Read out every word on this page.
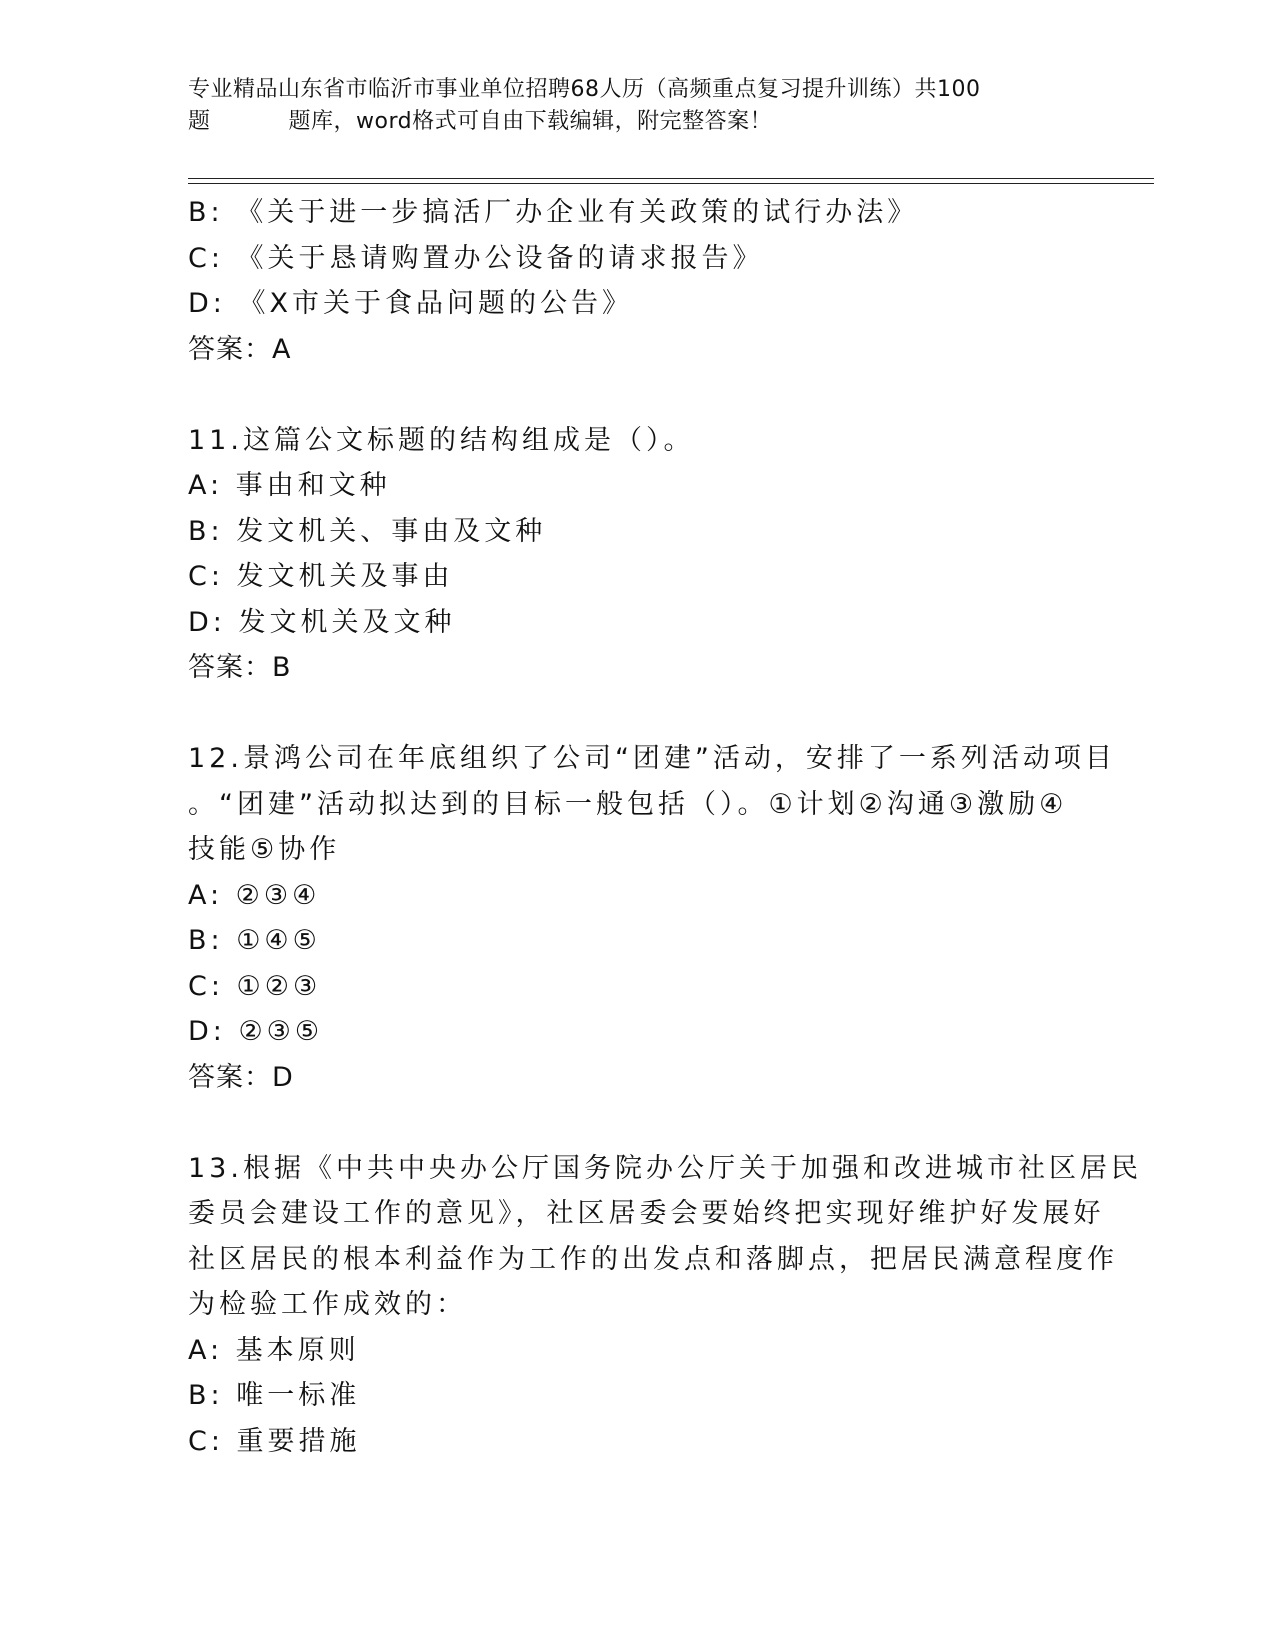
专业精品山东省市临沂市事业单位招聘68人历（高频重点复习提升训练）共100
题	题库，word格式可自由下载编辑，附完整答案！
B: 《关于进一步搞活厂办企业有关政策的试行办法》
C: 《关于恳请购置办公设备的请求报告》
D: 《X市关于食品问题的公告》
答案：A
11.这篇公文标题的结构组成是（）。
A: 事由和文种
B: 发文机关、事由及文种
C: 发文机关及事由
D: 发文机关及文种
答案：B
12.景鸿公司在年底组织了公司“团建”活动，安排了一系列活动项目
。“团建”活动拟达到的目标一般包括（）。①计划②沟通③激励④
技能⑤协作
A: ②③④
B: ①④⑤
C: ①②③
D: ②③⑤
答案：D
13.根据《中共中央办公厅国务院办公厅关于加强和改进城市社区居民
委员会建设工作的意见》，社区居委会要始终把实现好维护好发展好
社区居民的根本利益作为工作的出发点和落脚点，把居民满意程度作
为检验工作成效的：
A: 基本原则
B: 唯一标准
C: 重要措施
